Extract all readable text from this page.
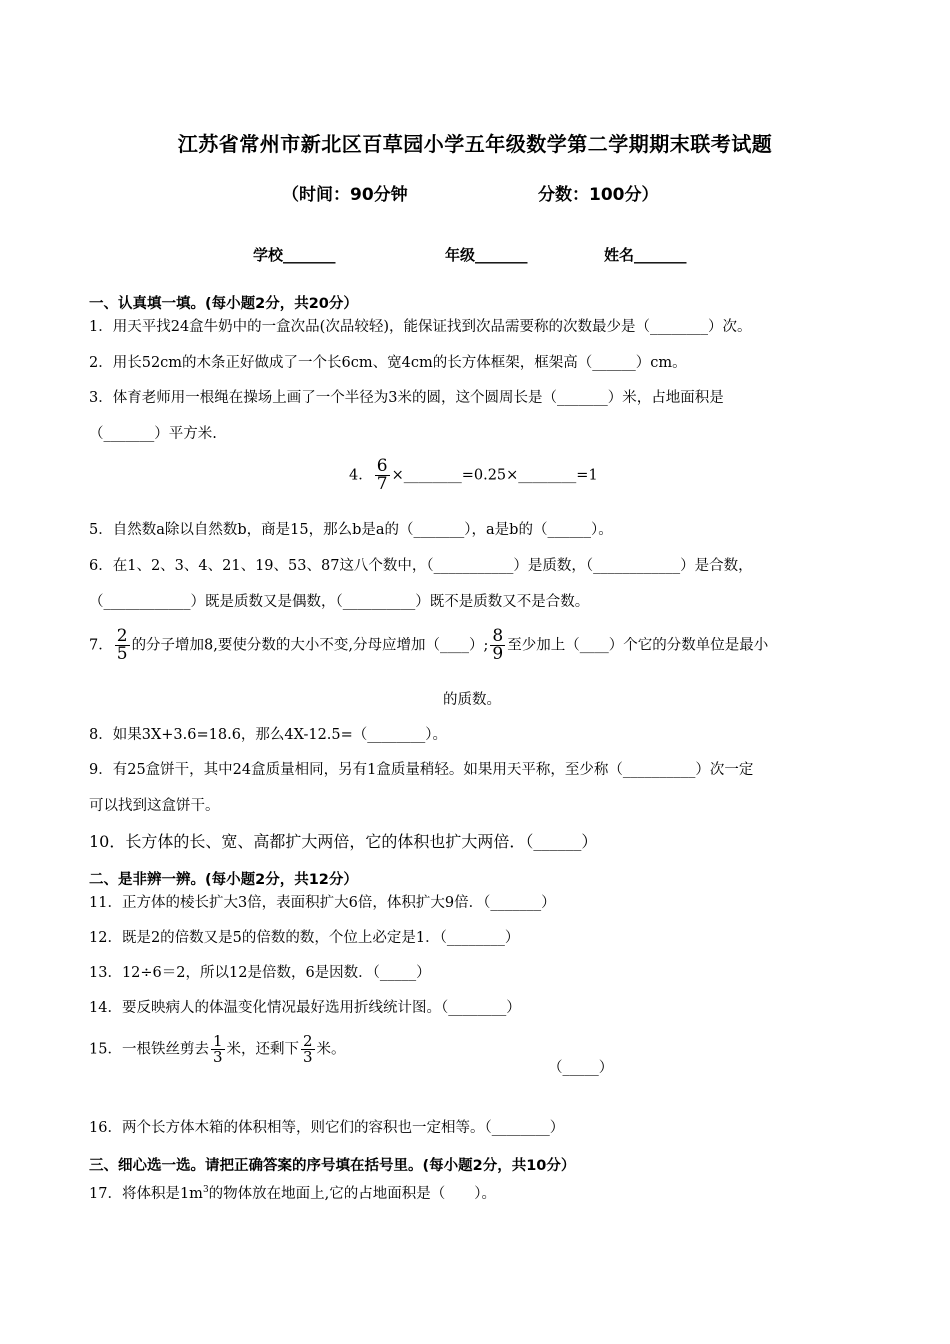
江苏省常州市新北区百草园小学五年级数学第二学期期末联考试题
（时间：90分钟	分数：100分）
学校_______	年级_______	姓名_______
一、认真填一填。(每小题2分，共20分）
1．用天平找24盒牛奶中的一盒次品(次品较轻)，能保证找到次品需要称的次数最少是（________）次。
2．用长52cm的木条正好做成了一个长6cm、宽4cm的长方体框架，框架高（______）cm。
3．体育老师用一根绳在操场上画了一个半径为3米的圆，这个圆周长是（_______）米，占地面积是
（_______）平方米.
4． $\frac{6}{7}$ ×________=0.25×________=1
5．自然数a除以自然数b，商是15，那么b是a的（_______），a是b的（______）。
6．在1、2、3、4、21、19、53、87这八个数中，（___________）是质数，（____________）是合数，
（____________）既是质数又是偶数，（__________）既不是质数又不是合数。
7． $\frac{2}{5}$ 的分子增加8,要使分数的大小不变,分母应增加（____）; $\frac{8}{9}$ 至少加上（____）个它的分数单位是最小
的质数。
8．如果3X+3.6=18.6，那么4X-12.5=（________）。
9．有25盒饼干，其中24盒质量相同，另有1盒质量稍轻。如果用天平称，至少称（__________）次一定
可以找到这盒饼干。
10．长方体的长、宽、高都扩大两倍，它的体积也扩大两倍．（______）
二、是非辨一辨。(每小题2分，共12分）
11．正方体的棱长扩大3倍，表面积扩大6倍，体积扩大9倍．（_______）
12．既是2的倍数又是5的倍数的数，个位上必定是1．（________）
13．12÷6＝2，所以12是倍数，6是因数．（_____）
14．要反映病人的体温变化情况最好选用折线统计图。（________）
15．一根铁丝剪去 $\frac{1}{3}$ 米，还剩下 $\frac{2}{3}$ 米。
（_____）
16．两个长方体木箱的体积相等，则它们的容积也一定相等。（________）
三、细心选一选。请把正确答案的序号填在括号里。(每小题2分，共10分）
17．将体积是$1m^3$的物体放在地面上,它的占地面积是（　　）。
